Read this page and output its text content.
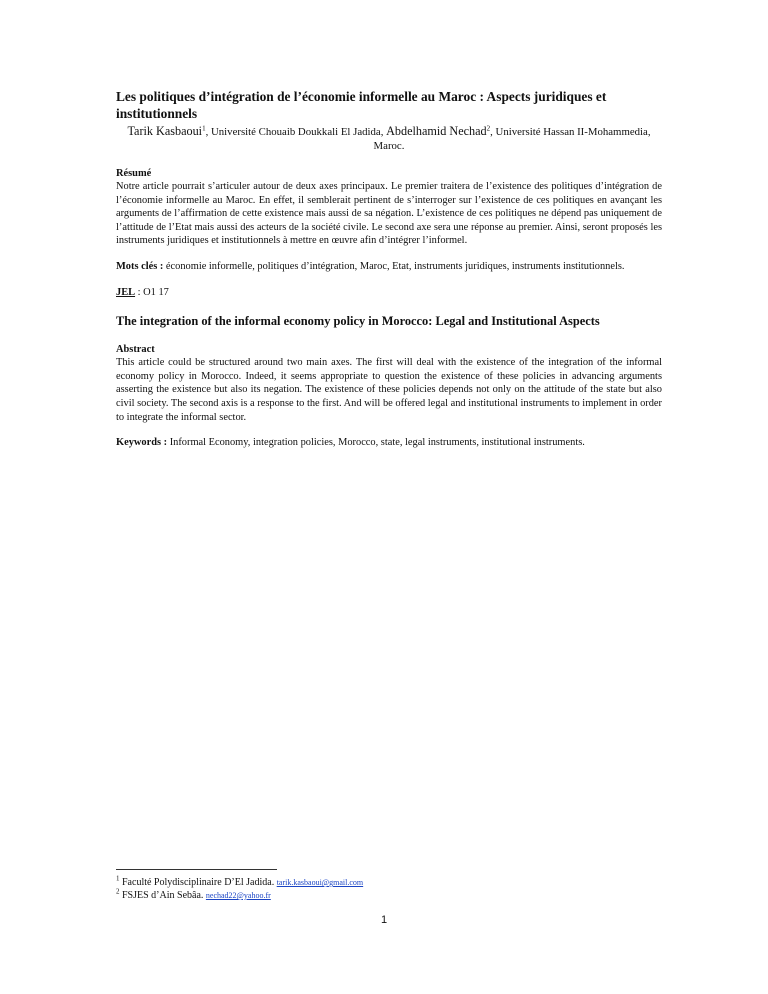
Les politiques d’intégration de l’économie informelle au Maroc : Aspects juridiques et institutionnels
Tarik Kasbaoui$^1$, Université Chouaib Doukkali El Jadida, Abdelhamid Nechad$^2$, Université Hassan II-Mohammedia, Maroc.
Résumé

Notre article pourrait s’articuler autour de deux axes principaux. Le premier traitera de l’existence des politiques d’intégration de l’économie informelle au Maroc. En effet, il semblerait pertinent de s’interroger sur l’existence de ces politiques en avançant les arguments de l’affirmation de cette existence mais aussi de sa négation. L’existence de ces politiques ne dépend pas uniquement de l’attitude de l’Etat mais aussi des acteurs de la société civile. Le second axe sera une réponse au premier. Ainsi, seront proposés les instruments juridiques et institutionnels à mettre en œuvre afin d’intégrer l’informel.

Mots clés : économie informelle, politiques d’intégration, Maroc, Etat, instruments juridiques, instruments institutionnels.
JEL : O1 17
The integration of the informal economy policy in Morocco: Legal and Institutional Aspects
Abstract

This article could be structured around two main axes. The first will deal with the existence of the integration of the informal economy policy in Morocco. Indeed, it seems appropriate to question the existence of these policies in advancing arguments asserting the existence but also its negation. The existence of these policies depends not only on the attitude of the state but also civil society. The second axis is a response to the first. And will be offered legal and institutional instruments to implement in order to integrate the informal sector.

Keywords : Informal Economy, integration policies, Morocco, state, legal instruments, institutional instruments.
$^1$ Faculté Polydisciplinaire D’El Jadida. tarik.kasbaoui@gmail.com
$^2$ FSJES d’Ain Sebâa. nechad22@yahoo.fr
1
